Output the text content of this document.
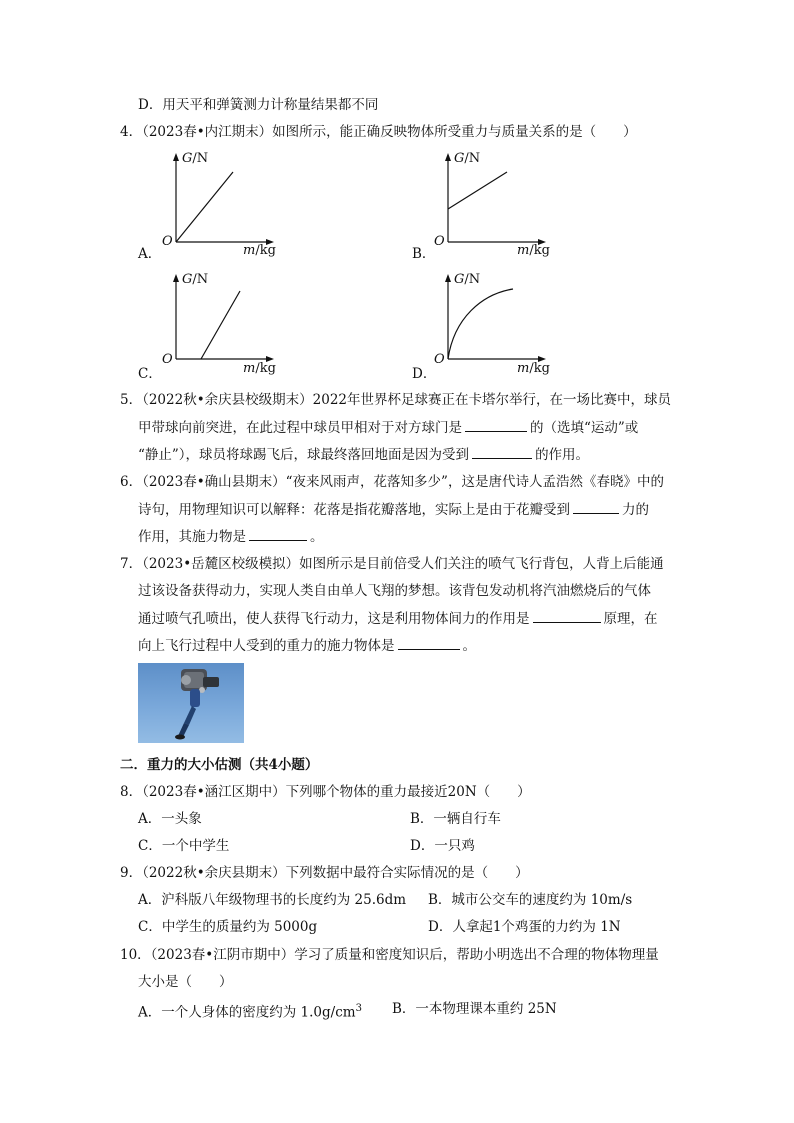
D．用天平和弹簧测力计称量结果都不同
4．（2023春•内江期末）如图所示，能正确反映物体所受重力与质量关系的是（　　）
G/N
O
m/kg
A．
G/N
O
m/kg
B．
G/N
O
m/kg
C．
G/N
O
m/kg
D．
5．（2022秋•余庆县校级期末）2022年世界杯足球赛正在卡塔尔举行，在一场比赛中，球员
甲带球向前突进，在此过程中球员甲相对于对方球门是	的（选填“运动”或
“静止”），球员将球踢飞后，球最终落回地面是因为受到	的作用。
6．（2023春•确山县期末）“夜来风雨声，花落知多少”，这是唐代诗人孟浩然《春晓》中的
诗句，用物理知识可以解释：花落是指花瓣落地，实际上是由于花瓣受到	力的
作用，其施力物是	。
7．（2023•岳麓区校级模拟）如图所示是目前倍受人们关注的喷气飞行背包，人背上后能通
过该设备获得动力，实现人类自由单人飞翔的梦想。该背包发动机将汽油燃烧后的气体
通过喷气孔喷出，使人获得飞行动力，这是利用物体间力的作用是	原理，在
向上飞行过程中人受到的重力的施力物体是	。
二．重力的大小估测（共4小题）
8．（2023春•涵江区期中）下列哪个物体的重力最接近20N（　　）
A．一头象	B．一辆自行车
C．一个中学生	D．一只鸡
9．（2022秋•余庆县期末）下列数据中最符合实际情况的是（　　）
A．沪科版八年级物理书的长度约为 25.6dm B．城市公交车的速度约为 10m/s
C．中学生的质量约为 5000g	D．人拿起1个鸡蛋的力约为 1N
10．（2023春•江阴市期中）学习了质量和密度知识后，帮助小明选出不合理的物体物理量
大小是（　　）
A．一个人身体的密度约为 $1.0g/cm^3$ B．一本物理课本重约 25N
